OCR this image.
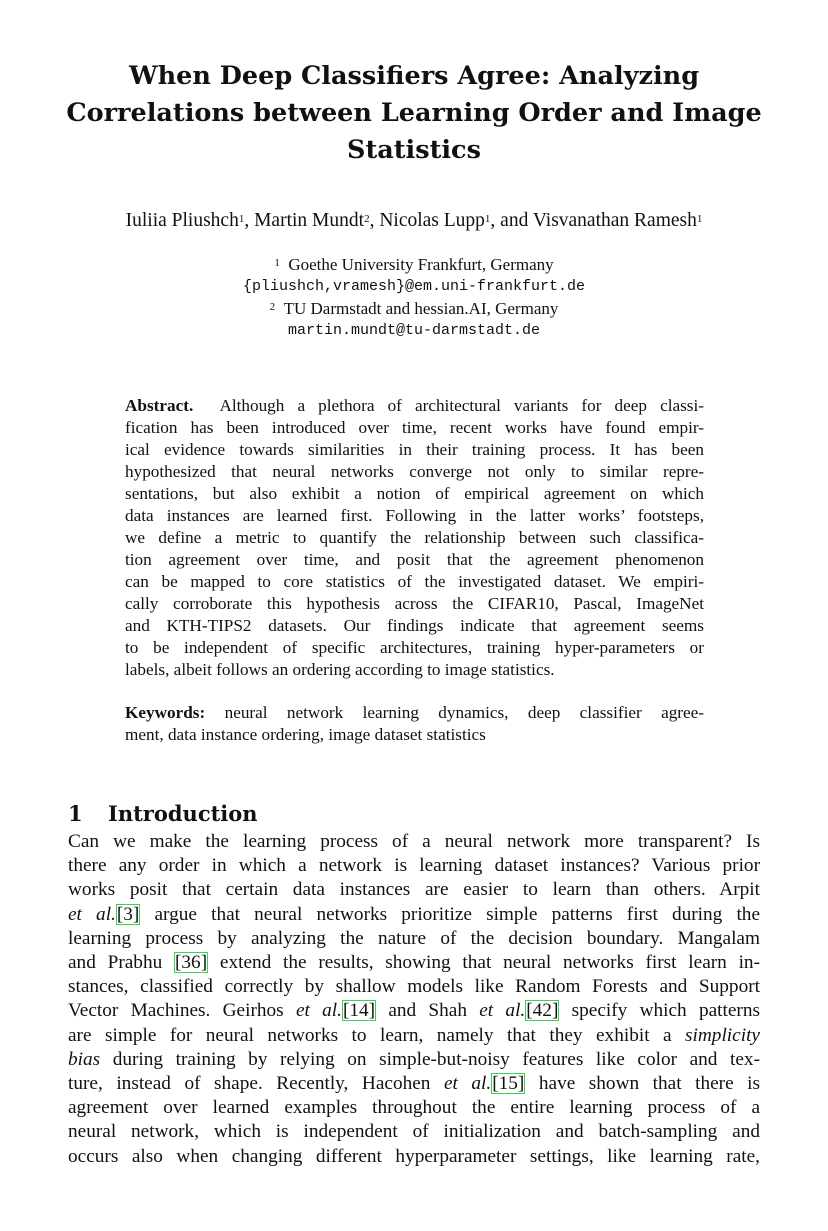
When Deep Classifiers Agree: Analyzing
Correlations between Learning Order and Image
Statistics
Iuliia Pliushch$^1$, Martin Mundt$^2$, Nicolas Lupp$^1$, and Visvanathan Ramesh$^1$
$^1$ Goethe University Frankfurt, Germany
{pliushch,vramesh}@em.uni-frankfurt.de
$^2$ TU Darmstadt and hessian.AI, Germany
martin.mundt@tu-darmstadt.de
Abstract. Although a plethora of architectural variants for deep classi-
fication has been introduced over time, recent works have found empir-
ical evidence towards similarities in their training process. It has been
hypothesized that neural networks converge not only to similar repre-
sentations, but also exhibit a notion of empirical agreement on which
data instances are learned first. Following in the latter works’ footsteps,
we define a metric to quantify the relationship between such classifica-
tion agreement over time, and posit that the agreement phenomenon
can be mapped to core statistics of the investigated dataset. We empiri-
cally corroborate this hypothesis across the CIFAR10, Pascal, ImageNet
and KTH-TIPS2 datasets. Our findings indicate that agreement seems
to be independent of specific architectures, training hyper-parameters or
labels, albeit follows an ordering according to image statistics.
Keywords: neural network learning dynamics, deep classifier agree-
ment, data instance ordering, image dataset statistics
1 Introduction
Can we make the learning process of a neural network more transparent? Is
there any order in which a network is learning dataset instances? Various prior
works posit that certain data instances are easier to learn than others. Arpit
et al.[3] argue that neural networks prioritize simple patterns first during the
learning process by analyzing the nature of the decision boundary. Mangalam
and Prabhu [36] extend the results, showing that neural networks first learn in-
stances, classified correctly by shallow models like Random Forests and Support
Vector Machines. Geirhos et al.[14] and Shah et al.[42] specify which patterns
are simple for neural networks to learn, namely that they exhibit a simplicity
bias during training by relying on simple-but-noisy features like color and tex-
ture, instead of shape. Recently, Hacohen et al.[15] have shown that there is
agreement over learned examples throughout the entire learning process of a
neural network, which is independent of initialization and batch-sampling and
occurs also when changing different hyperparameter settings, like learning rate,
